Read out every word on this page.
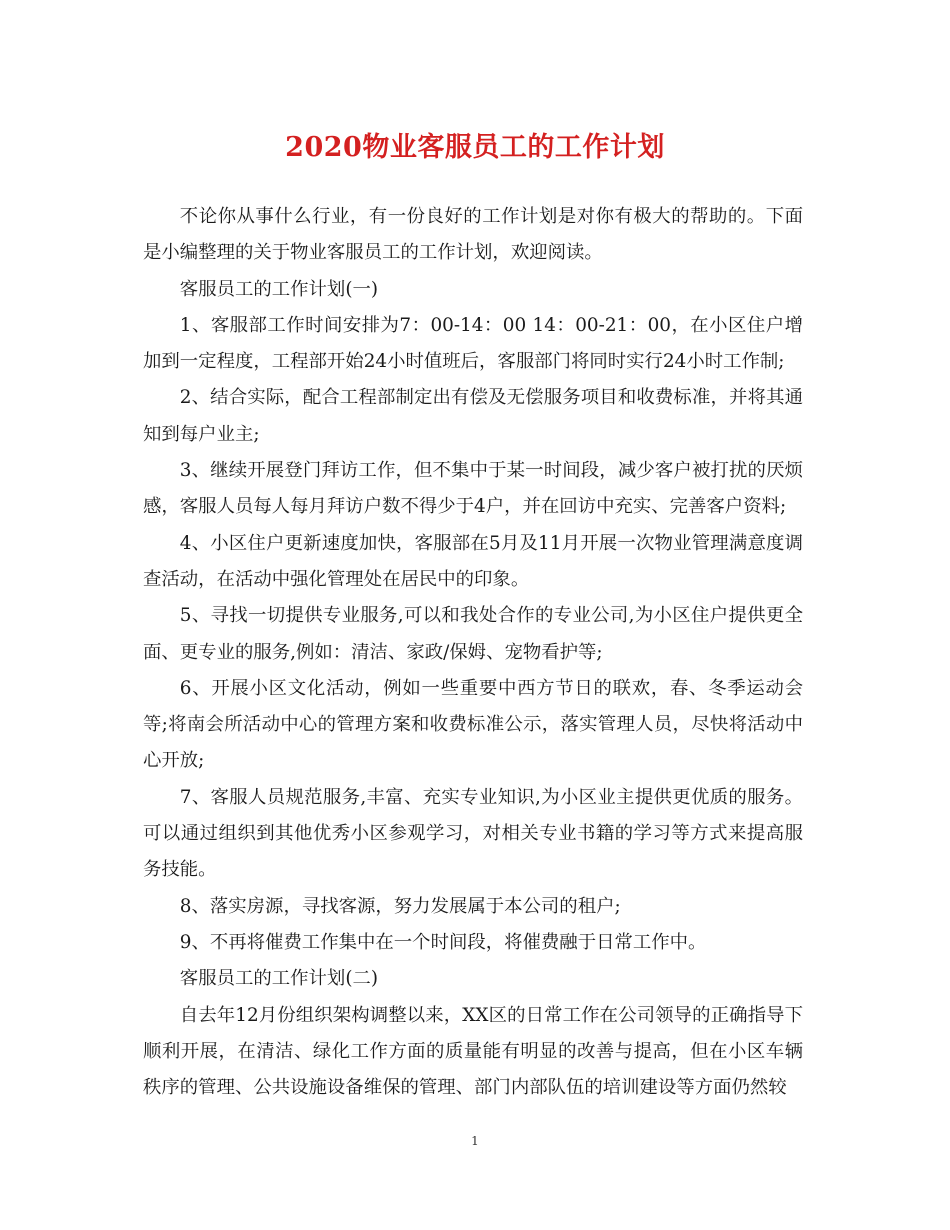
2020物业客服员工的工作计划

不论你从事什么行业，有一份良好的工作计划是对你有极大的帮助的。下面是小编整理的关于物业客服员工的工作计划，欢迎阅读。

客服员工的工作计划(一)

1、客服部工作时间安排为7：00-14：00 14：00-21：00，在小区住户增加到一定程度，工程部开始24小时值班后，客服部门将同时实行24小时工作制;

2、结合实际，配合工程部制定出有偿及无偿服务项目和收费标准，并将其通知到每户业主;

3、继续开展登门拜访工作，但不集中于某一时间段，减少客户被打扰的厌烦感，客服人员每人每月拜访户数不得少于4户，并在回访中充实、完善客户资料;

4、小区住户更新速度加快，客服部在5月及11月开展一次物业管理满意度调查活动，在活动中强化管理处在居民中的印象。

5、寻找一切提供专业服务,可以和我处合作的专业公司,为小区住户提供更全面、更专业的服务,例如：清洁、家政/保姆、宠物看护等;

6、开展小区文化活动，例如一些重要中西方节日的联欢，春、冬季运动会等;将南会所活动中心的管理方案和收费标准公示，落实管理人员，尽快将活动中心开放;

7、客服人员规范服务,丰富、充实专业知识,为小区业主提供更优质的服务。可以通过组织到其他优秀小区参观学习，对相关专业书籍的学习等方式来提高服务技能。

8、落实房源，寻找客源，努力发展属于本公司的租户;

9、不再将催费工作集中在一个时间段，将催费融于日常工作中。

客服员工的工作计划(二)

自去年12月份组织架构调整以来，XX区的日常工作在公司领导的正确指导下顺利开展，在清洁、绿化工作方面的质量能有明显的改善与提高，但在小区车辆秩序的管理、公共设施设备维保的管理、部门内部队伍的培训建设等方面仍然较

1
